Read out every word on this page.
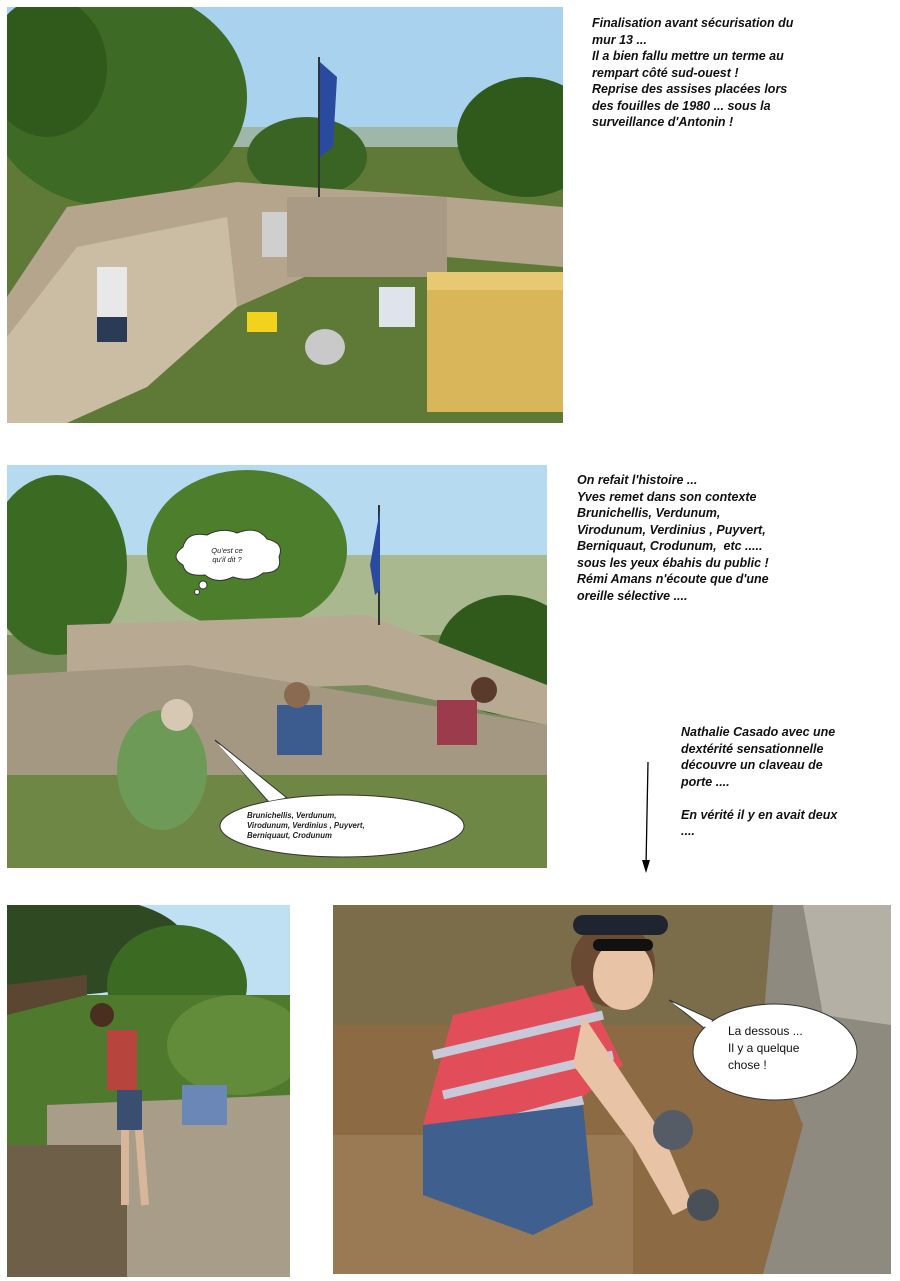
Finalisation avant sécurisation du
mur 13 ...
Il a bien fallu mettre un terme au
rempart côté sud-ouest !
Reprise des assises placées lors
des fouilles de 1980 ... sous la
surveillance d'Antonin !
Qu'est ce
qu'il dit ?
Brunichellis, Verdunum,
Virodunum, Verdinius , Puyvert,
Berniquaut, Crodunum
On refait l'histoire ...
Yves remet dans son contexte
Brunichellis, Verdunum,
Virodunum, Verdinius , Puyvert,
Berniquaut, Crodunum,  etc .....
sous les yeux ébahis du public !
Rémi Amans n'écoute que d'une
oreille sélective ....
Nathalie Casado avec une
dextérité sensationnelle
découvre un claveau de
porte ....
En vérité il y en avait deux
....
La dessous ...
Il y a quelque
chose !
